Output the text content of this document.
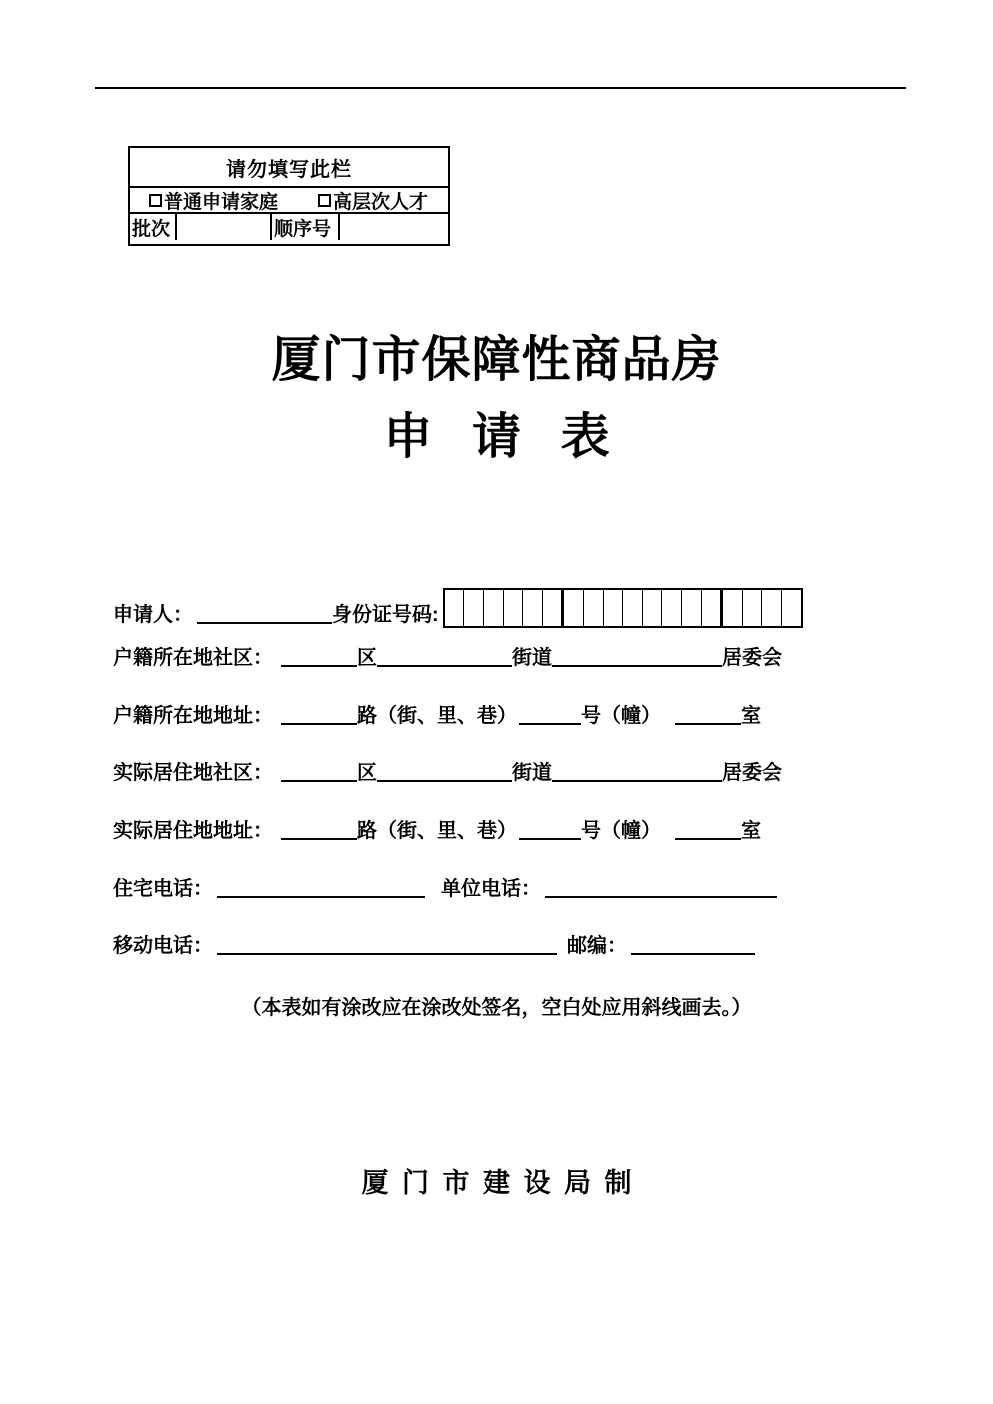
请勿填写此栏
普通申请家庭	高层次人才
批次	顺序号
厦门市保障性商品房
申 请 表
申请人：	身份证号码:
户籍所在地社区：	区	街道	居委会
户籍所在地地址：	路（街、里、巷）	号（幢）	室
实际居住地社区：	区	街道	居委会
实际居住地地址：	路（街、里、巷）	号（幢）	室
住宅电话：	单位电话：
移动电话：	邮编：
（本表如有涂改应在涂改处签名，空白处应用斜线画去。）
厦 门 市 建 设 局 制
